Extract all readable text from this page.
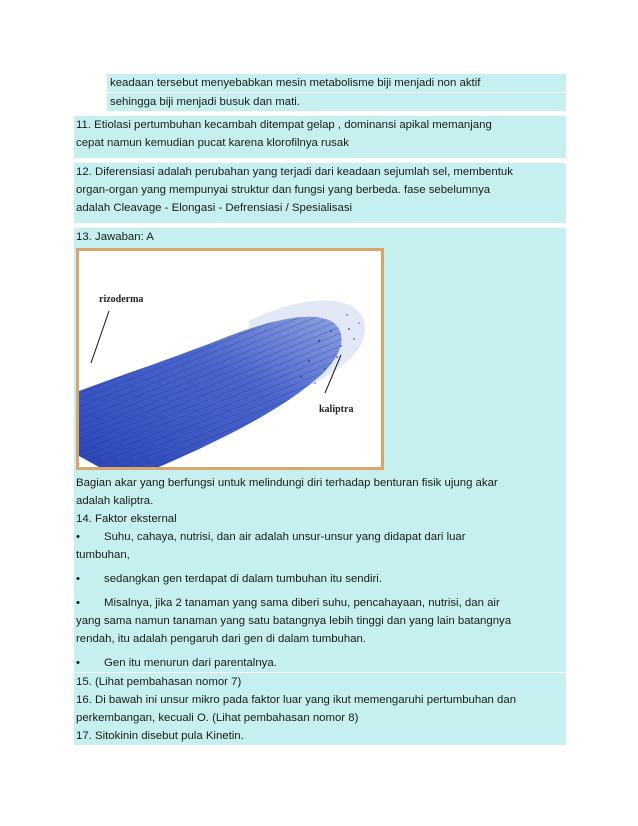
keadaan tersebut menyebabkan mesin metabolisme biji menjadi non aktif
sehingga biji menjadi busuk dan mati.
11. Etiolasi pertumbuhan kecambah ditempat gelap , dominansi apikal memanjang
cepat namun kemudian pucat karena klorofilnya rusak
12. Diferensiasi adalah perubahan yang terjadi dari keadaan sejumlah sel, membentuk
organ-organ yang mempunyai struktur dan fungsi yang berbeda. fase sebelumnya
adalah Cleavage - Elongasi - Defrensiasi / Spesialisasi
13. Jawaban: A
rizoderma
kaliptra
Bagian akar yang berfungsi untuk melindungi diri terhadap benturan fisik ujung akar
adalah kaliptra.
14. Faktor eksternal
•	Suhu, cahaya, nutrisi, dan air adalah unsur-unsur yang didapat dari luar
tumbuhan,
•	sedangkan gen terdapat di dalam tumbuhan itu sendiri.
•	Misalnya, jika 2 tanaman yang sama diberi suhu, pencahayaan, nutrisi, dan air
yang sama namun tanaman yang satu batangnya lebih tinggi dan yang lain batangnya
rendah, itu adalah pengaruh dari gen di dalam tumbuhan.
•	Gen itu menurun dari parentalnya.
15. (Lihat pembahasan nomor 7)
16. Di bawah ini unsur mikro pada faktor luar yang ikut memengaruhi pertumbuhan dan
perkembangan, kecuali O. (Lihat pembahasan nomor 8)
17. Sitokinin disebut pula Kinetin.
